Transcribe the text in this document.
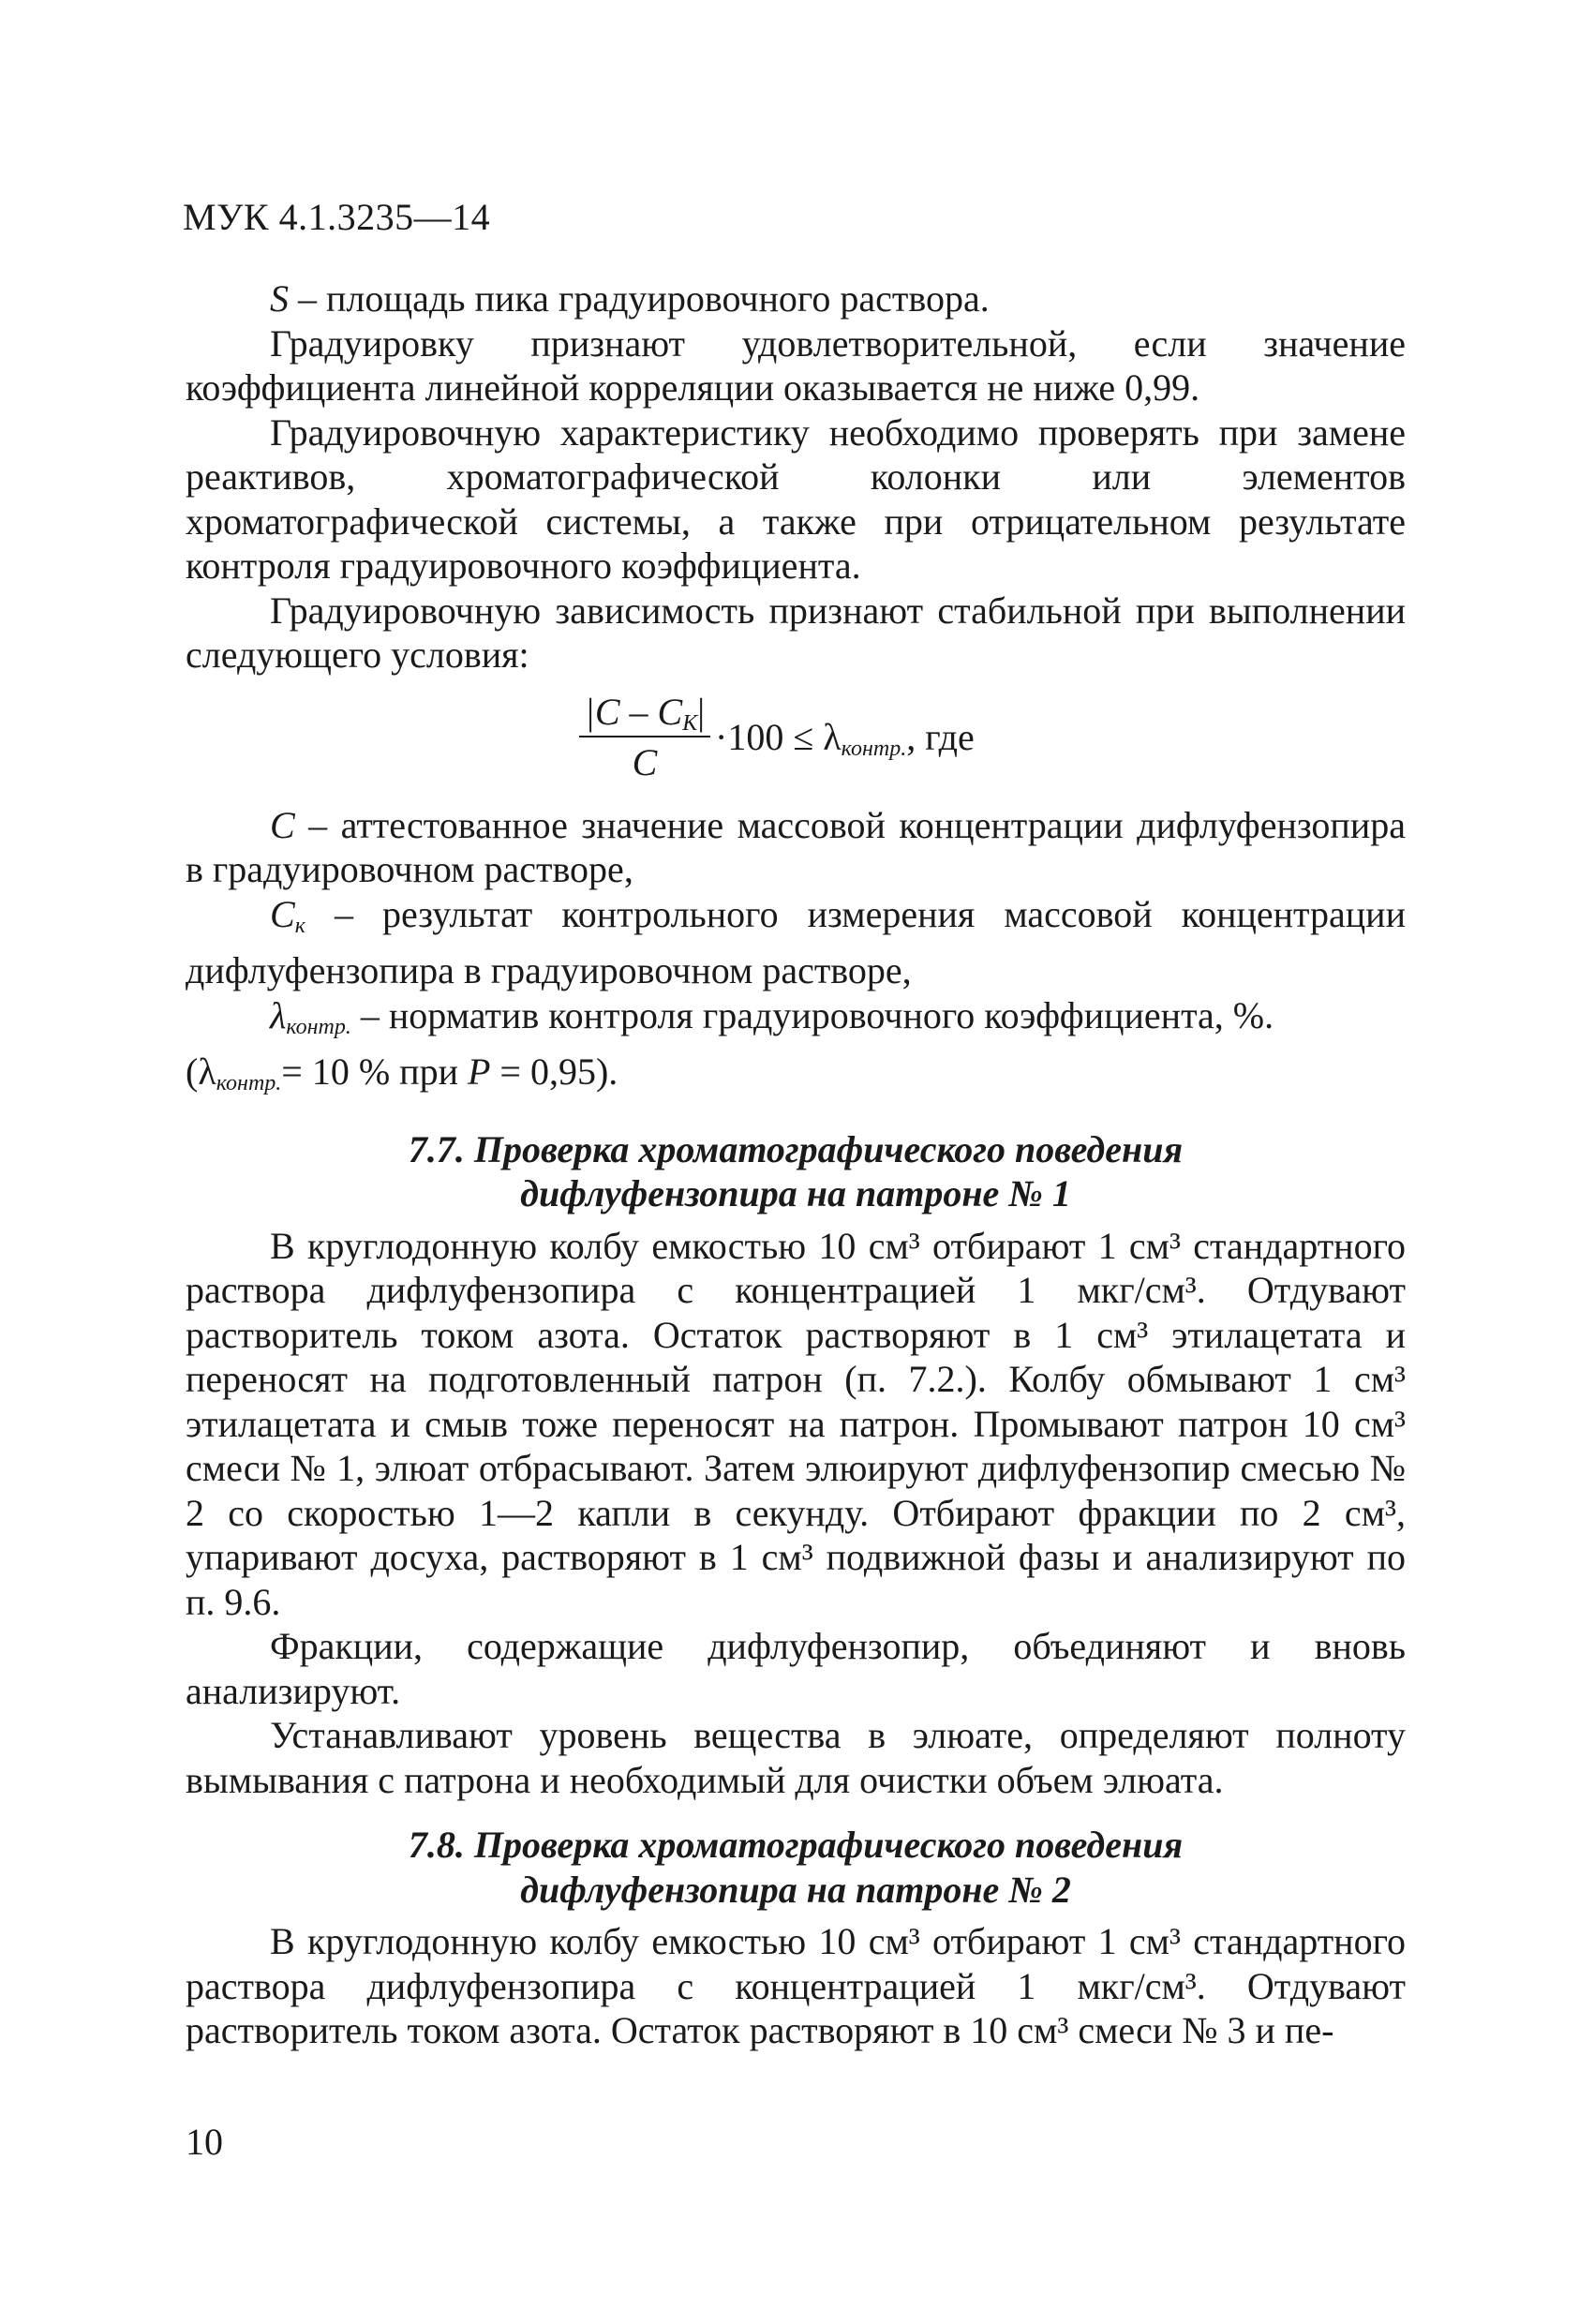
МУК 4.1.3235—14

S – площадь пика градуировочного раствора.

Градуировку признают удовлетворительной, если значение коэффициента линейной корреляции оказывается не ниже 0,99.

Градуировочную характеристику необходимо проверять при замене реактивов, хроматографической колонки или элементов хроматографической системы, а также при отрицательном результате контроля градуировочного коэффициента.

Градуировочную зависимость признают стабильной при выполнении следующего условия:

$|C - C_К|$
C
$\cdot 100 \le \lambda_{контр.}$, где

C – аттестованное значение массовой концентрации дифлуфензопира в градуировочном растворе,

$C_к$ – результат контрольного измерения массовой концентрации дифлуфензопира в градуировочном растворе,

$\lambda_{контр.}$ – норматив контроля градуировочного коэффициента, %.

($\lambda_{контр.}= 10$ % при P = 0,95).

7.7. Проверка хроматографического поведения
дифлуфензопира на патроне № 1

В круглодонную колбу емкостью 10 см³ отбирают 1 см³ стандартного раствора дифлуфензопира с концентрацией 1 мкг/см³. Отдувают растворитель током азота. Остаток растворяют в 1 см³ этилацетата и переносят на подготовленный патрон (п. 7.2.). Колбу обмывают 1 см³ этилацетата и смыв тоже переносят на патрон. Промывают патрон 10 см³ смеси № 1, элюат отбрасывают. Затем элюируют дифлуфензопир смесью № 2 со скоростью 1—2 капли в секунду. Отбирают фракции по 2 см³, упаривают досуха, растворяют в 1 см³ подвижной фазы и анализируют по п. 9.6.

Фракции, содержащие дифлуфензопир, объединяют и вновь анализируют.

Устанавливают уровень вещества в элюате, определяют полноту вымывания с патрона и необходимый для очистки объем элюата.

7.8. Проверка хроматографического поведения
дифлуфензопира на патроне № 2

В круглодонную колбу емкостью 10 см³ отбирают 1 см³ стандартного раствора дифлуфензопира с концентрацией 1 мкг/см³. Отдувают растворитель током азота. Остаток растворяют в 10 см³ смеси № 3 и пе-

10
